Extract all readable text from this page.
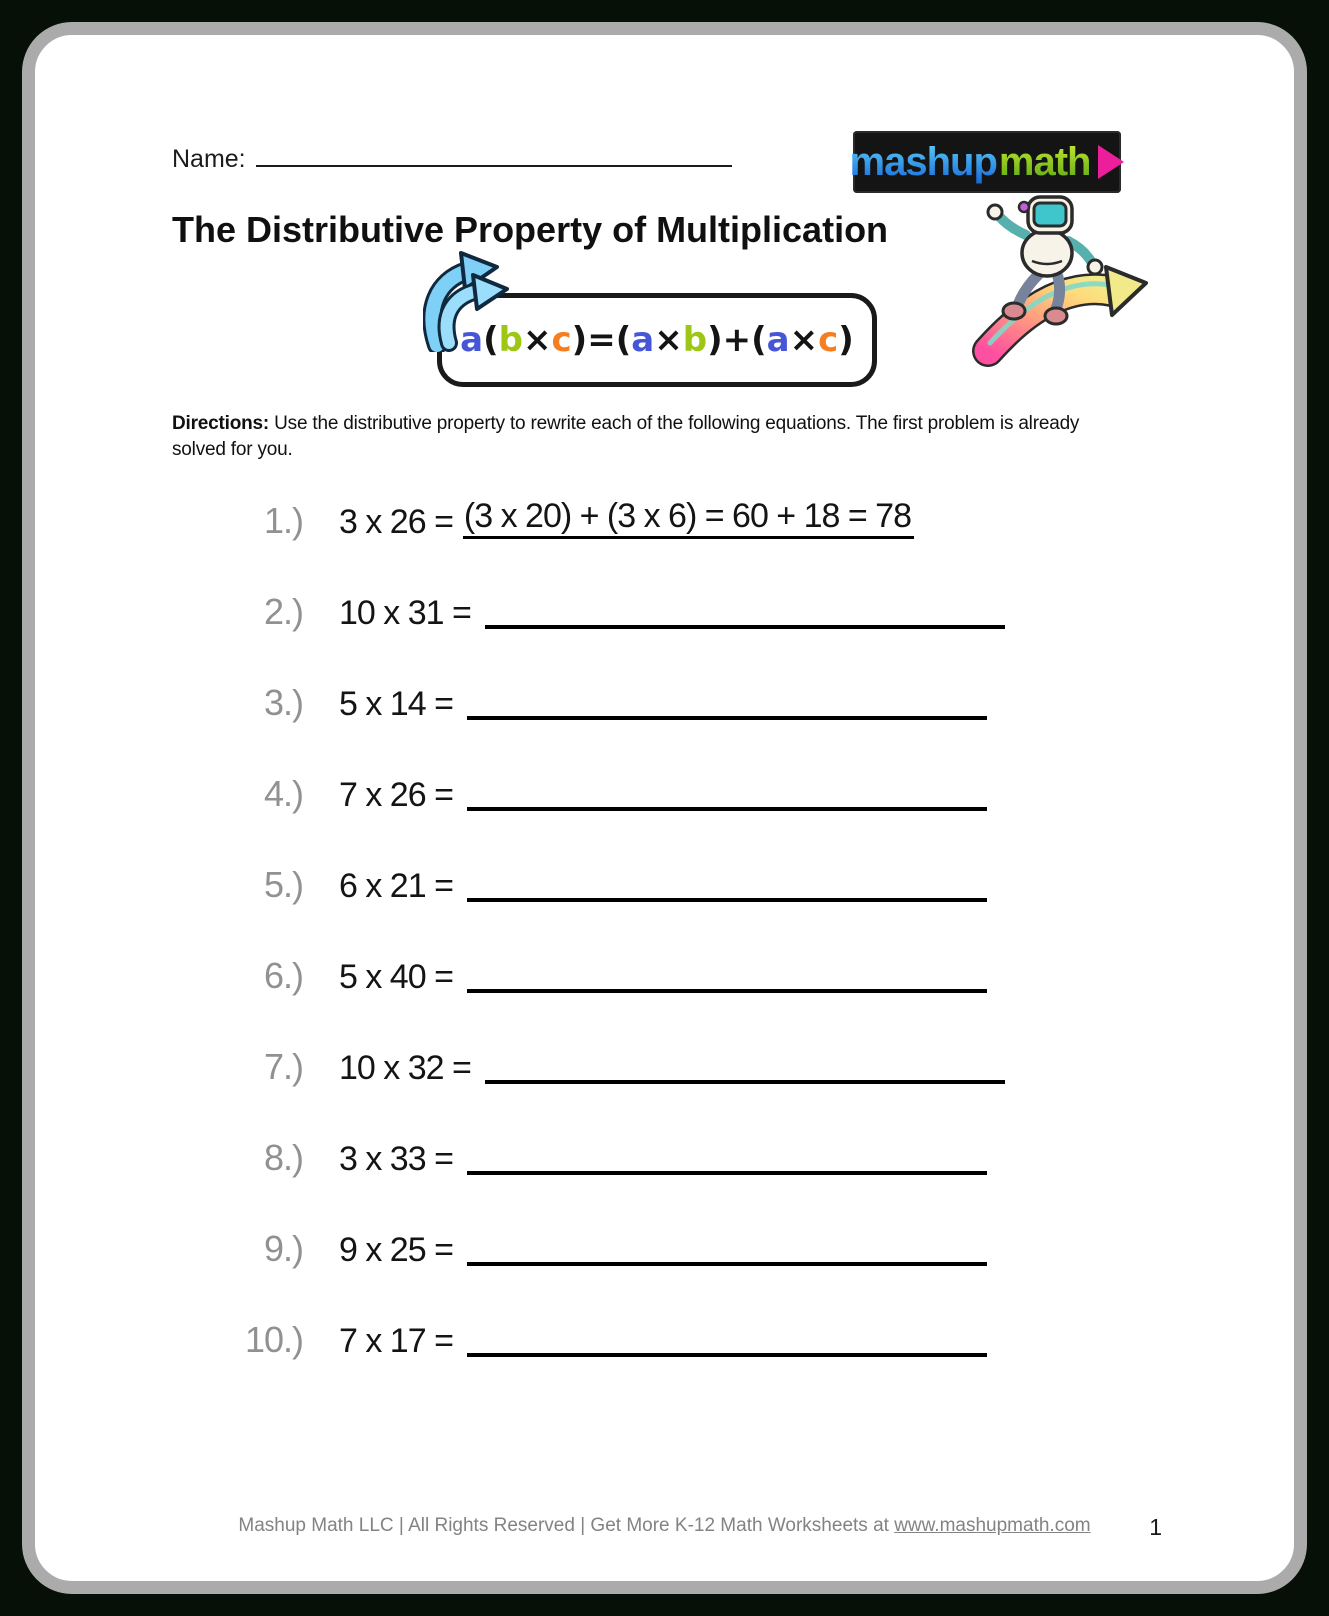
Name:	mashup math
The Distributive Property of Multiplication
a ( b × c ) = ( a × b ) + ( a × c )
Directions: Use the distributive property to rewrite each of the following equations. The first problem is already solved for you.
1.) 3 x 26 = (3 x 20) + (3 x 6) = 60 + 18 = 78
2.) 10 x 31 =
3.) 5 x 14 =
4.) 7 x 26 =
5.) 6 x 21 =
6.) 5 x 40 =
7.) 10 x 32 =
8.) 3 x 33 =
9.) 9 x 25 =
10.) 7 x 17 =
Mashup Math LLC | All Rights Reserved | Get More K-12 Math Worksheets at www.mashupmath.com	1
